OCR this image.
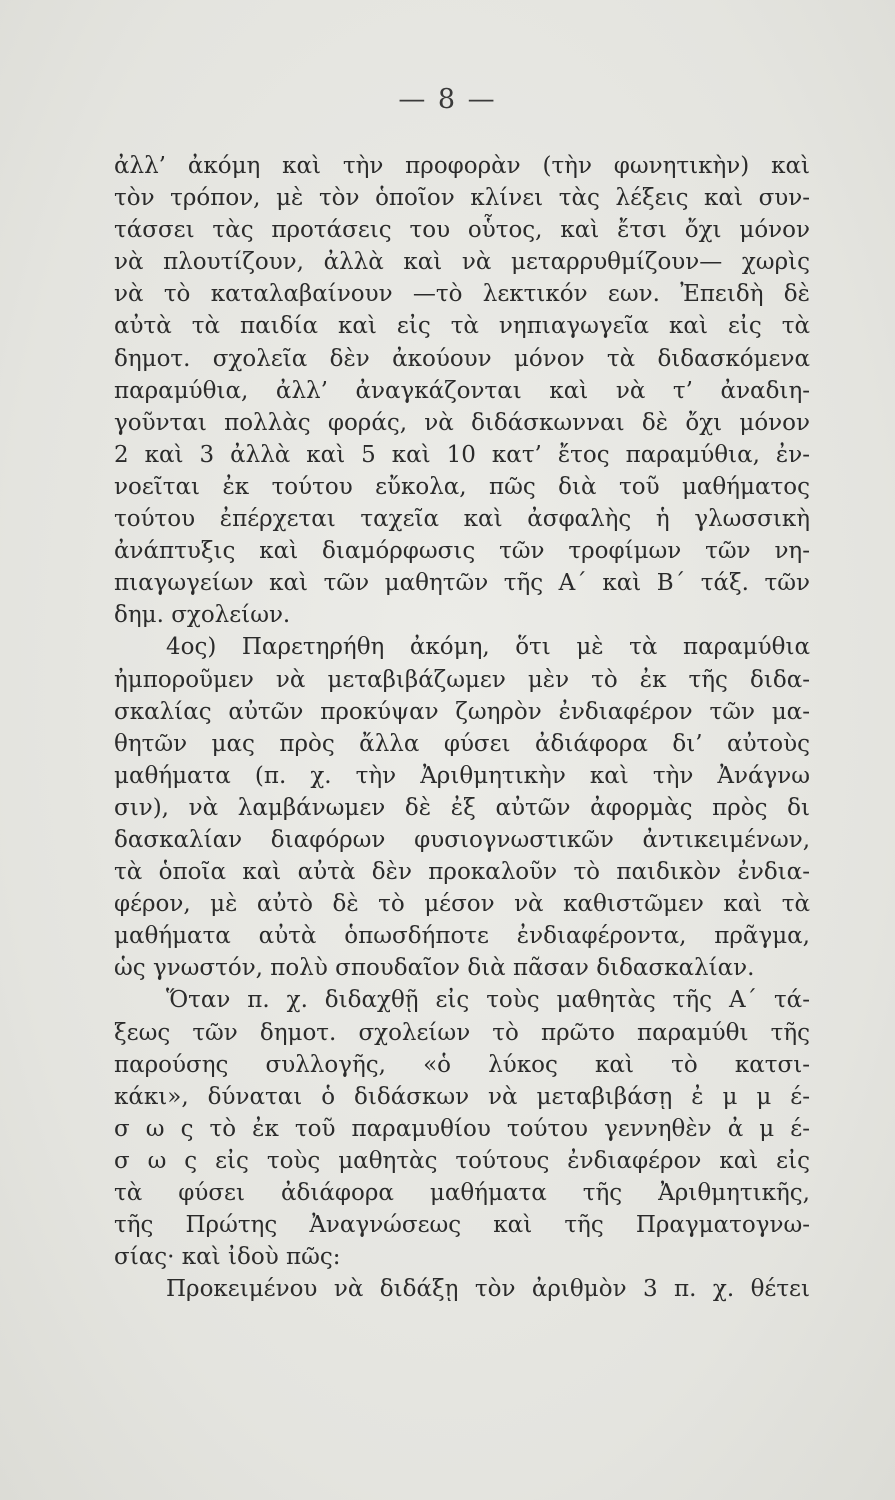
— 8 —
ἀλλ’ ἀκόμη καὶ τὴν προφορὰν (τὴν φωνητικὴν) καὶ
τὸν τρόπον, μὲ τὸν ὁποῖον κλίνει τὰς λέξεις καὶ συν-
τάσσει τὰς προτάσεις του οὗτος, καὶ ἔτσι ὄχι μόνον
νὰ πλουτίζουν, ἀλλὰ καὶ νὰ μεταρρυθμίζουν— χωρὶς
νὰ τὸ καταλαβαίνουν —τὸ λεκτικόν εων. Ἐπειδὴ δὲ
αὐτὰ τὰ παιδία καὶ εἰς τὰ νηπιαγωγεῖα καὶ εἰς τὰ
δημοτ. σχολεῖα δὲν ἀκούουν μόνον τὰ διδασκόμενα
παραμύθια, ἀλλ’ ἀναγκάζονται καὶ νὰ τ’ ἀναδιη-
γοῦνται πολλὰς φοράς, νὰ διδάσκωνναι δὲ ὄχι μόνον
2 καὶ 3 ἀλλὰ καὶ 5 καὶ 10 κατ’ ἔτος παραμύθια, ἐν-
νοεῖται ἐκ τούτου εὔκολα, πῶς διὰ τοῦ μαθήματος
τούτου ἐπέρχεται ταχεῖα καὶ ἀσφαλὴς ἡ γλωσσικὴ
ἀνάπτυξις καὶ διαμόρφωσις τῶν τροφίμων τῶν νη-
πιαγωγείων καὶ τῶν μαθητῶν τῆς Α΄ καὶ Β΄ τάξ. τῶν
δημ. σχολείων.
4ος) Παρετηρήθη ἀκόμη, ὅτι μὲ τὰ παραμύθια
ἠμποροῦμεν νὰ μεταβιβάζωμεν μὲν τὸ ἐκ τῆς διδα-
σκαλίας αὐτῶν προκύψαν ζωηρὸν ἐνδιαφέρον τῶν μα-
θητῶν μας πρὸς ἄλλα φύσει ἀδιάφορα δι’ αὐτοὺς
μαθήματα (π. χ. τὴν Ἀριθμητικὴν καὶ τὴν Ἀνάγνω
σιν), νὰ λαμβάνωμεν δὲ ἐξ αὐτῶν ἀφορμὰς πρὸς δι
δασκαλίαν διαφόρων φυσιογνωστικῶν ἀντικειμένων,
τὰ ὁποῖα καὶ αὐτὰ δὲν προκαλοῦν τὸ παιδικὸν ἐνδια-
φέρον, μὲ αὐτὸ δὲ τὸ μέσον νὰ καθιστῶμεν καὶ τὰ
μαθήματα αὐτὰ ὁπωσδήποτε ἐνδιαφέροντα, πρᾶγμα,
ὡς γνωστόν, πολὺ σπουδαῖον διὰ πᾶσαν διδασκαλίαν.
Ὅταν π. χ. διδαχθῇ εἰς τοὺς μαθητὰς τῆς Α΄ τά-
ξεως τῶν δημοτ. σχολείων τὸ πρῶτο παραμύθι τῆς
παρούσης συλλογῆς, «ὁ λύκος καὶ τὸ κατσι-
κάκι», δύναται ὁ διδάσκων νὰ μεταβιβάσῃ ἐ μ μ έ-
σ ω ς τὸ ἐκ τοῦ παραμυθίου τούτου γεννηθὲν ἀ μ έ-
σ ω ς εἰς τοὺς μαθητὰς τούτους ἐνδιαφέρον καὶ εἰς
τὰ φύσει ἀδιάφορα μαθήματα τῆς Ἀριθμητικῆς,
τῆς Πρώτης Ἀναγνώσεως καὶ τῆς Πραγματογνω-
σίας· καὶ ἰδοὺ πῶς:
Προκειμένου νὰ διδάξῃ τὸν ἀριθμὸν 3 π. χ. θέτει
